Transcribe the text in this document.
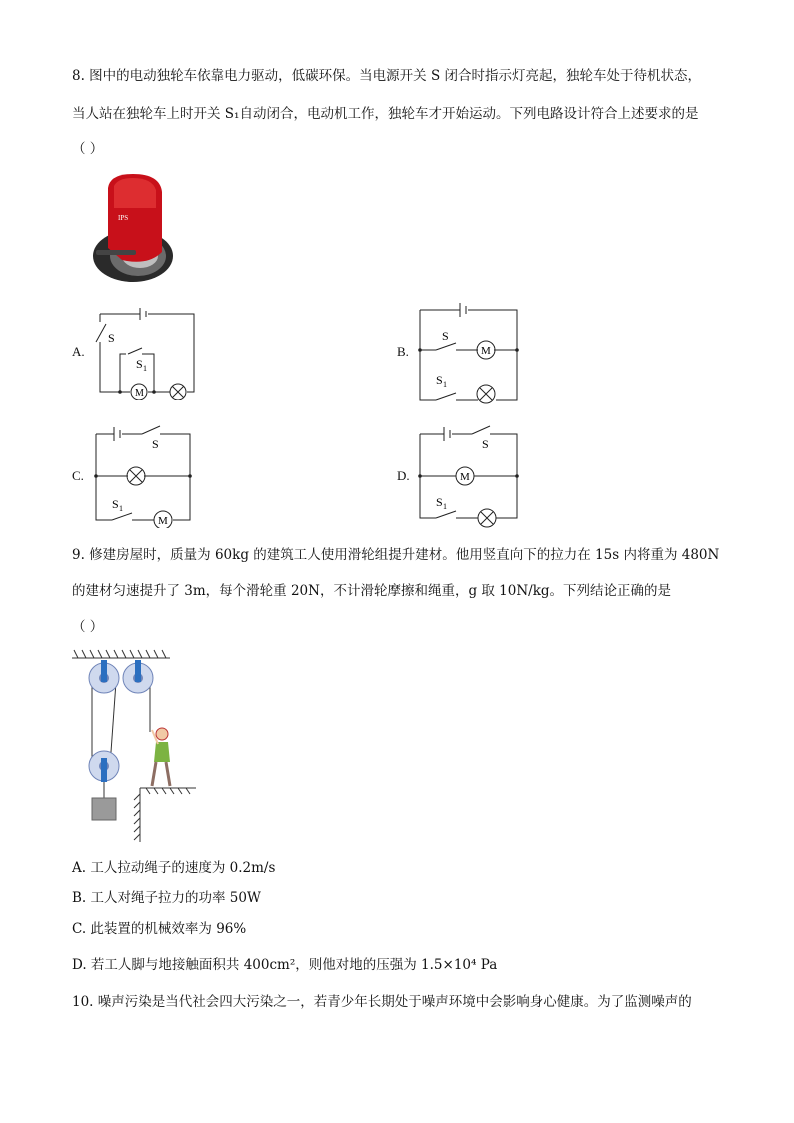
8. 图中的电动独轮车依靠电力驱动，低碳环保。当电源开关 S 闭合时指示灯亮起，独轮车处于待机状态，
当人站在独轮车上时开关 S₁自动闭合，电动机工作，独轮车才开始运动。下列电路设计符合上述要求的是
（ ）
IPS
A.
S
S 1
M
B.
S
S 1
M
C.
S
S 1
M
D.
S
S 1
M
9. 修建房屋时，质量为 60kg 的建筑工人使用滑轮组提升建材。他用竖直向下的拉力在 15s 内将重为 480N
的建材匀速提升了 3m，每个滑轮重 20N，不计滑轮摩擦和绳重，g 取 10N/kg。下列结论正确的是
（ ）
A. 工人拉动绳子的速度为 0.2m/s
B. 工人对绳子拉力的功率 50W
C. 此装置的机械效率为 96%
D. 若工人脚与地接触面积共 400cm²，则他对地的压强为 1.5×10⁴ Pa
10. 噪声污染是当代社会四大污染之一，若青少年长期处于噪声环境中会影响身心健康。为了监测噪声的
